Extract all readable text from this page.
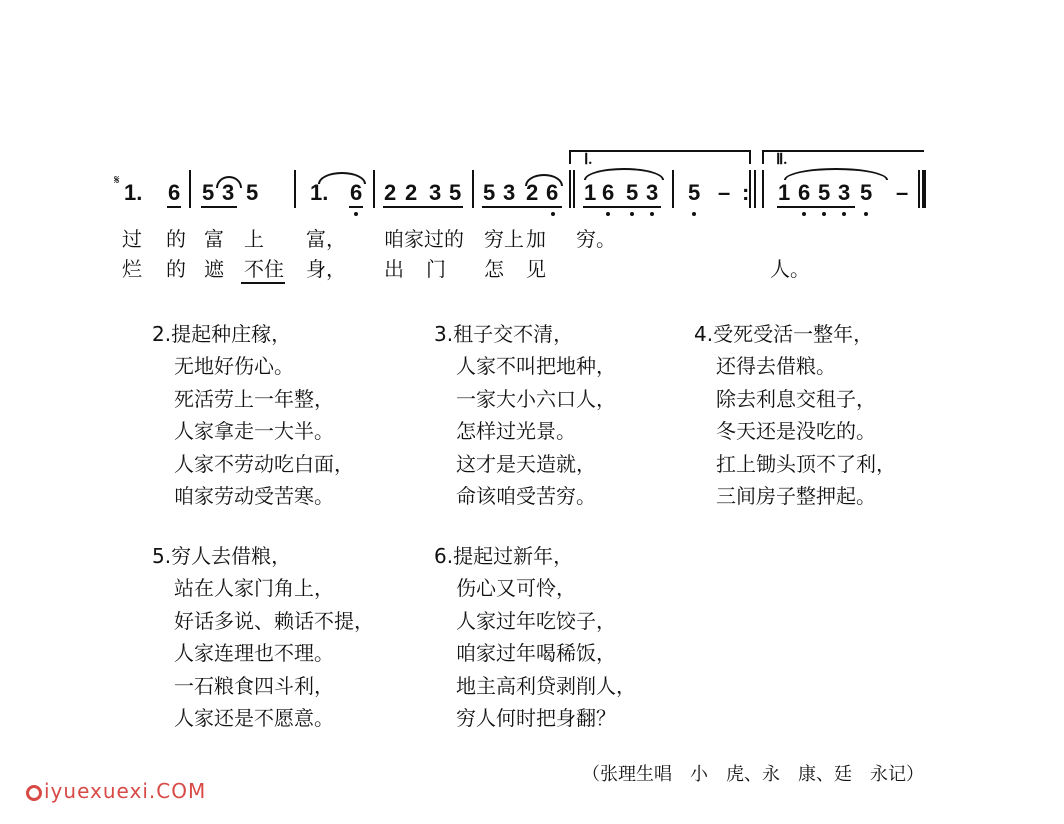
𝄋
1. 6 5 3 5 1. 6 2 2 3 5 5 3 2 6
Ⅰ.
1 6 5 3 5 – :
Ⅱ.
1 6 5 3 5 –
过 的 富 上 富， 咱家过的 穷 上 加 穷。
烂 的 遮 不住 身， 出 门 怎 见	人。
2.提起种庄稼，
无地好伤心。
死活劳上一年整，
人家拿走一大半。
人家不劳动吃白面，
咱家劳动受苦寒。
3.租子交不清，
人家不叫把地种，
一家大小六口人，
怎样过光景。
这才是天造就，
命该咱受苦穷。
4.受死受活一整年，
还得去借粮。
除去利息交租子，
冬天还是没吃的。
扛上锄头顶不了利，
三间房子整押起。
5.穷人去借粮，
站在人家门角上，
好话多说、赖话不提，
人家连理也不理。
一石粮食四斗利，
人家还是不愿意。
6.提起过新年，
伤心又可怜，
人家过年吃饺子，
咱家过年喝稀饭，
地主高利贷剥削人，
穷人何时把身翻？
（张理生唱　小　虎、永　康、廷　永记）
iyuexuexi.COM
